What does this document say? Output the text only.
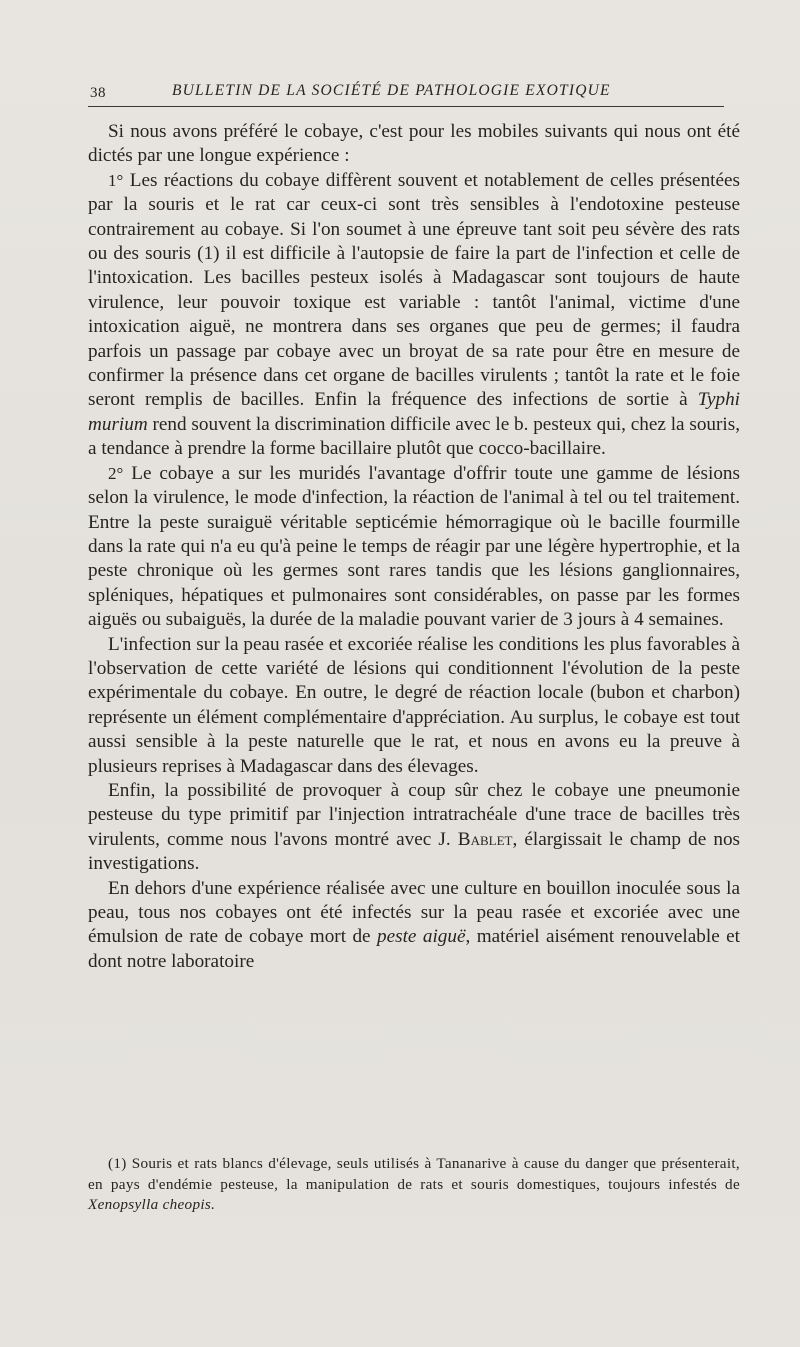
38	BULLETIN DE LA SOCIÉTÉ DE PATHOLOGIE EXOTIQUE

Si nous avons préféré le cobaye, c'est pour les mobiles suivants qui nous ont été dictés par une longue expérience :

1° Les réactions du cobaye diffèrent souvent et notablement de celles présentées par la souris et le rat car ceux-ci sont très sensibles à l'endotoxine pesteuse contrairement au cobaye. Si l'on soumet à une épreuve tant soit peu sévère des rats ou des souris (1) il est difficile à l'autopsie de faire la part de l'infection et celle de l'intoxication. Les bacilles pesteux isolés à Madagascar sont toujours de haute virulence, leur pouvoir toxique est variable : tantôt l'animal, victime d'une intoxication aiguë, ne montrera dans ses organes que peu de germes; il faudra parfois un passage par cobaye avec un broyat de sa rate pour être en mesure de confirmer la présence dans cet organe de bacilles virulents ; tantôt la rate et le foie seront remplis de bacilles. Enfin la fréquence des infections de sortie à Typhi murium rend souvent la discrimination difficile avec le b. pesteux qui, chez la souris, a tendance à prendre la forme bacillaire plutôt que cocco-bacillaire.

2° Le cobaye a sur les muridés l'avantage d'offrir toute une gamme de lésions selon la virulence, le mode d'infection, la réaction de l'animal à tel ou tel traitement. Entre la peste suraiguë véritable septicémie hémorragique où le bacille fourmille dans la rate qui n'a eu qu'à peine le temps de réagir par une légère hypertrophie, et la peste chronique où les germes sont rares tandis que les lésions ganglionnaires, spléniques, hépatiques et pulmonaires sont considérables, on passe par les formes aiguës ou subaiguës, la durée de la maladie pouvant varier de 3 jours à 4 semaines.

L'infection sur la peau rasée et excoriée réalise les conditions les plus favorables à l'observation de cette variété de lésions qui conditionnent l'évolution de la peste expérimentale du cobaye. En outre, le degré de réaction locale (bubon et charbon) représente un élément complémentaire d'appréciation. Au surplus, le cobaye est tout aussi sensible à la peste naturelle que le rat, et nous en avons eu la preuve à plusieurs reprises à Madagascar dans des élevages.

Enfin, la possibilité de provoquer à coup sûr chez le cobaye une pneumonie pesteuse du type primitif par l'injection intratrachéale d'une trace de bacilles très virulents, comme nous l'avons montré avec J. Bablet, élargissait le champ de nos investigations.

En dehors d'une expérience réalisée avec une culture en bouillon inoculée sous la peau, tous nos cobayes ont été infectés sur la peau rasée et excoriée avec une émulsion de rate de cobaye mort de peste aiguë, matériel aisément renouvelable et dont notre laboratoire

(1) Souris et rats blancs d'élevage, seuls utilisés à Tananarive à cause du danger que présenterait, en pays d'endémie pesteuse, la manipulation de rats et souris domestiques, toujours infestés de Xenopsylla cheopis.
